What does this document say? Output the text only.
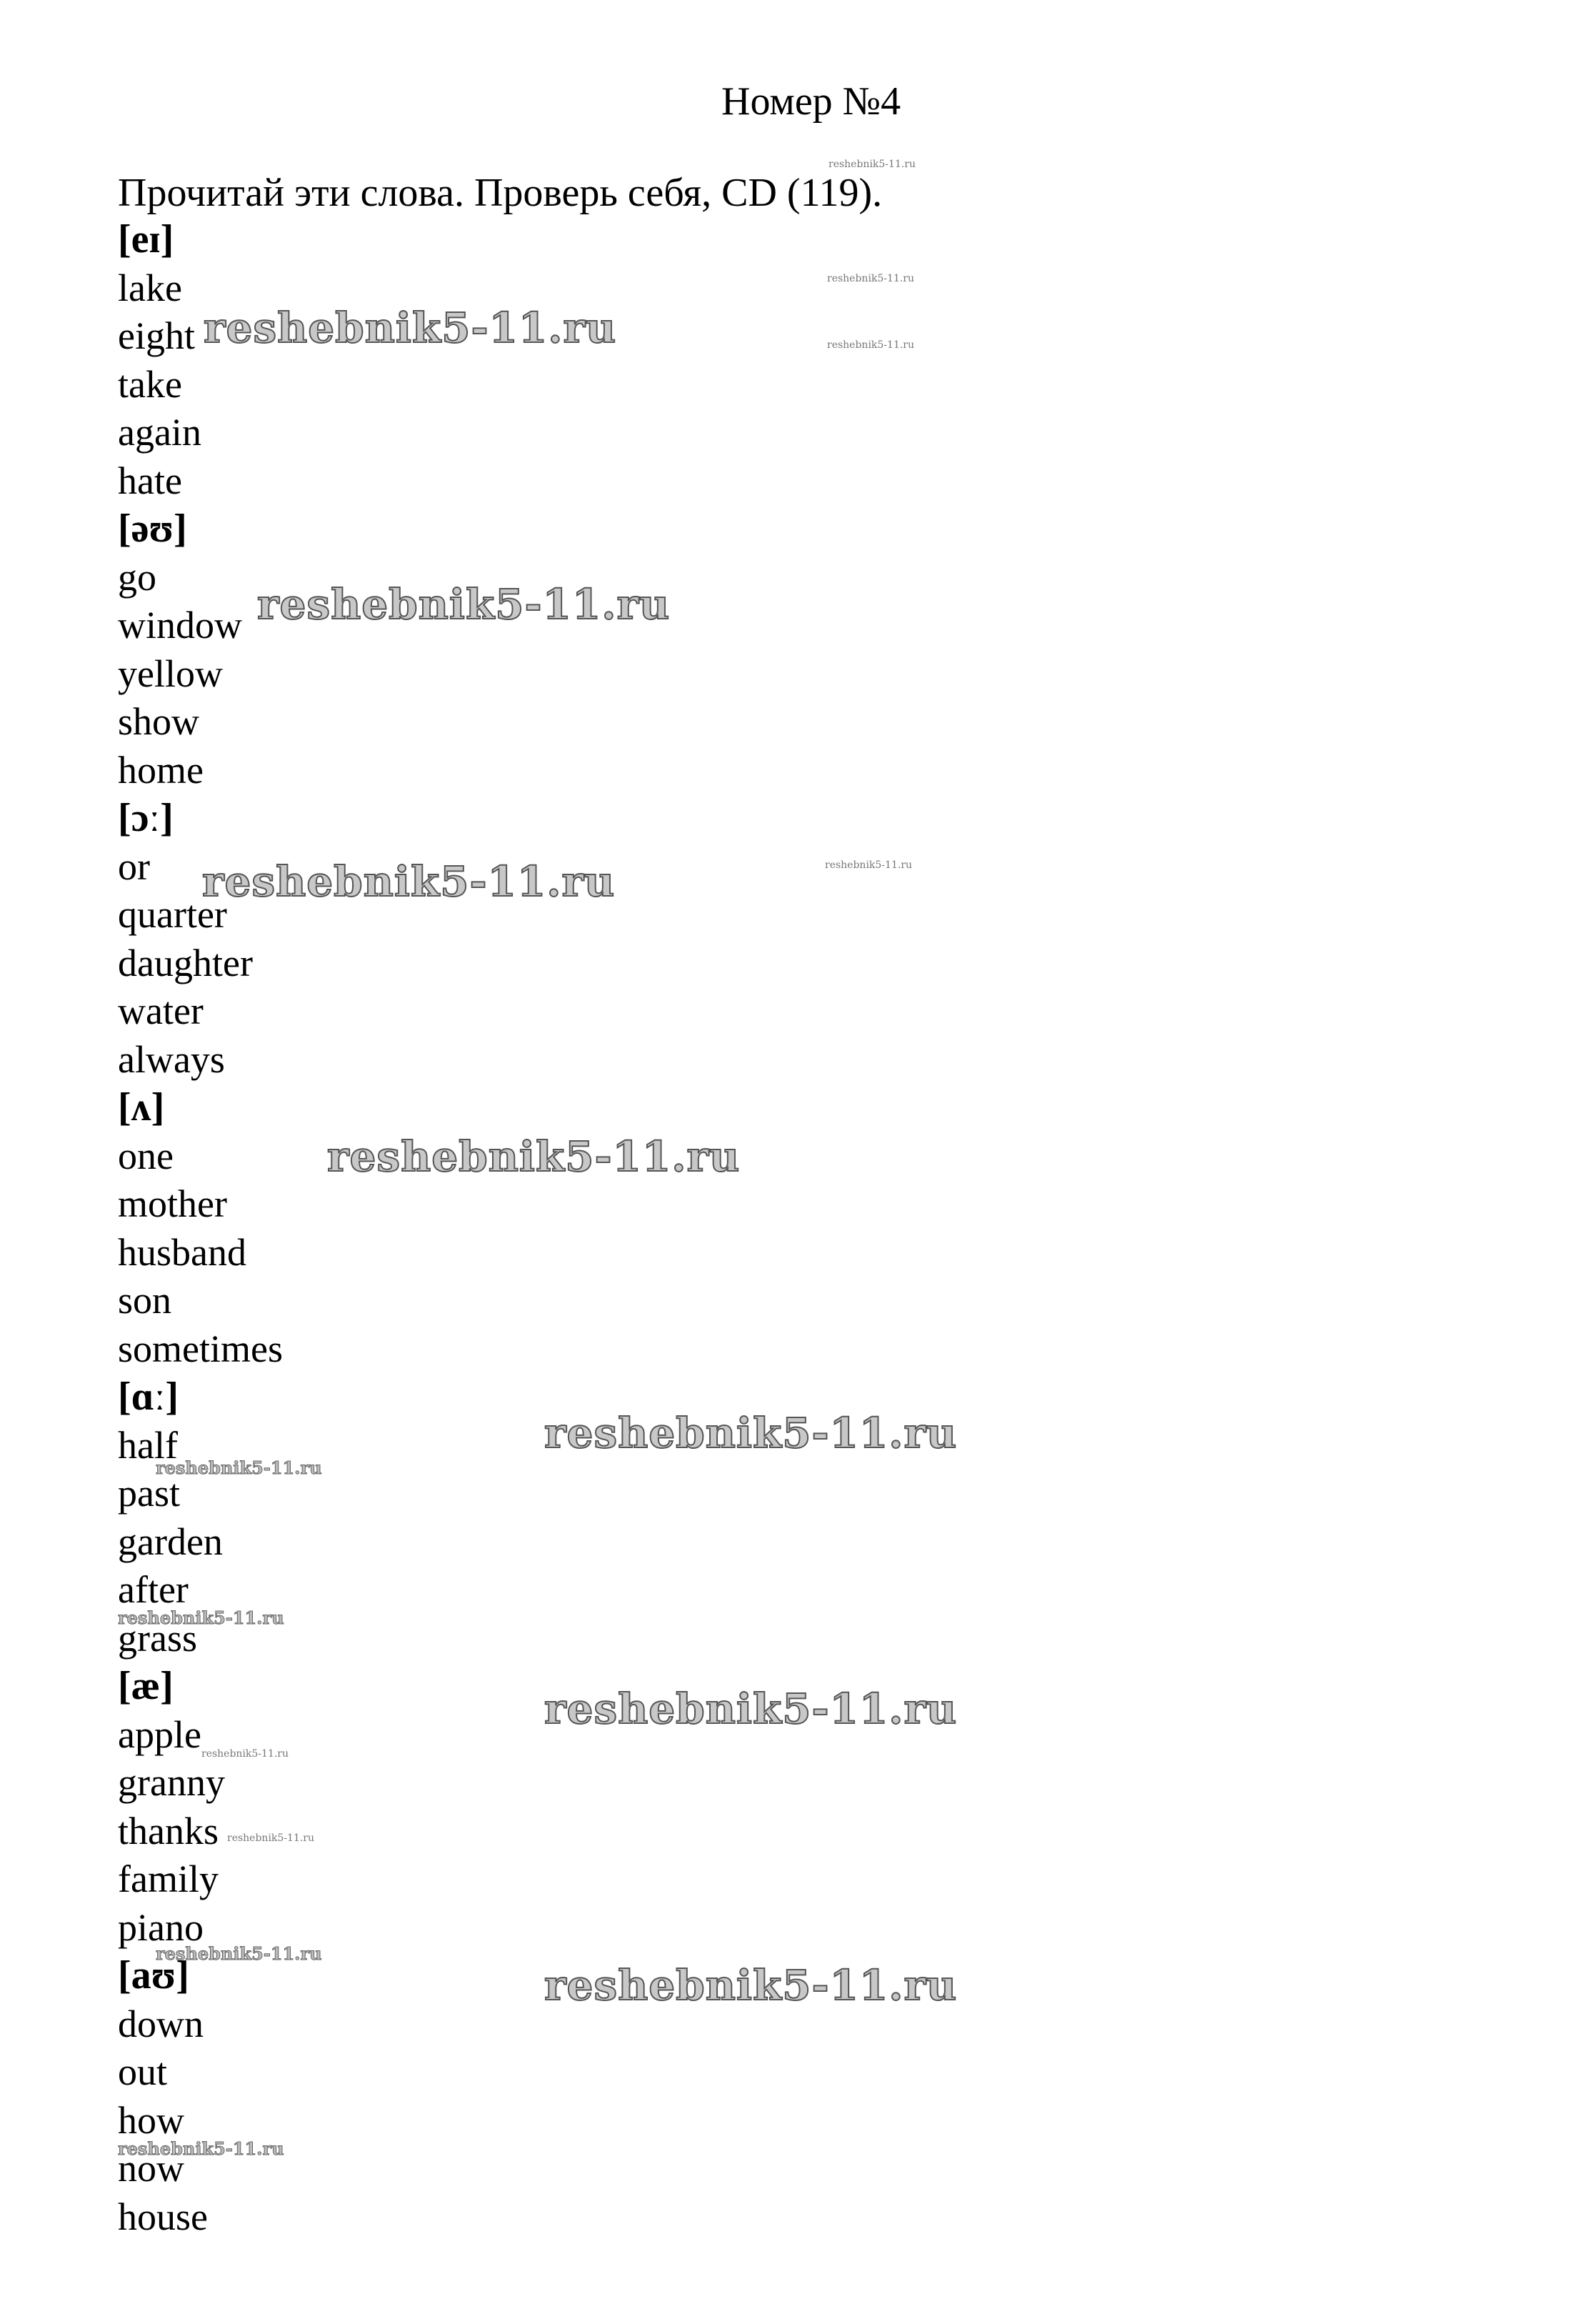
Номер №4
Прочитай эти слова. Проверь себя, CD (119).
[eɪ]
lake
eight
take
again
hate
[əʊ]
go
window
yellow
show
home
[ɔː]
or
quarter
daughter
water
always
[ʌ]
one
mother
husband
son
sometimes
[ɑː]
half
past
garden
after
grass
[æ]
apple
granny
thanks
family
piano
[aʊ]
down
out
how
now
house
reshebnik5-11.ru
reshebnik5-11.ru
reshebnik5-11.ru
reshebnik5-11.ru
reshebnik5-11.ru
reshebnik5-11.ru
reshebnik5-11.ru
reshebnik5-11.ru
reshebnik5-11.ru
reshebnik5-11.ru
reshebnik5-11.ru
reshebnik5-11.ru
reshebnik5-11.ru
reshebnik5-11.ru
reshebnik5-11.ru
reshebnik5-11.ru
reshebnik5-11.ru
